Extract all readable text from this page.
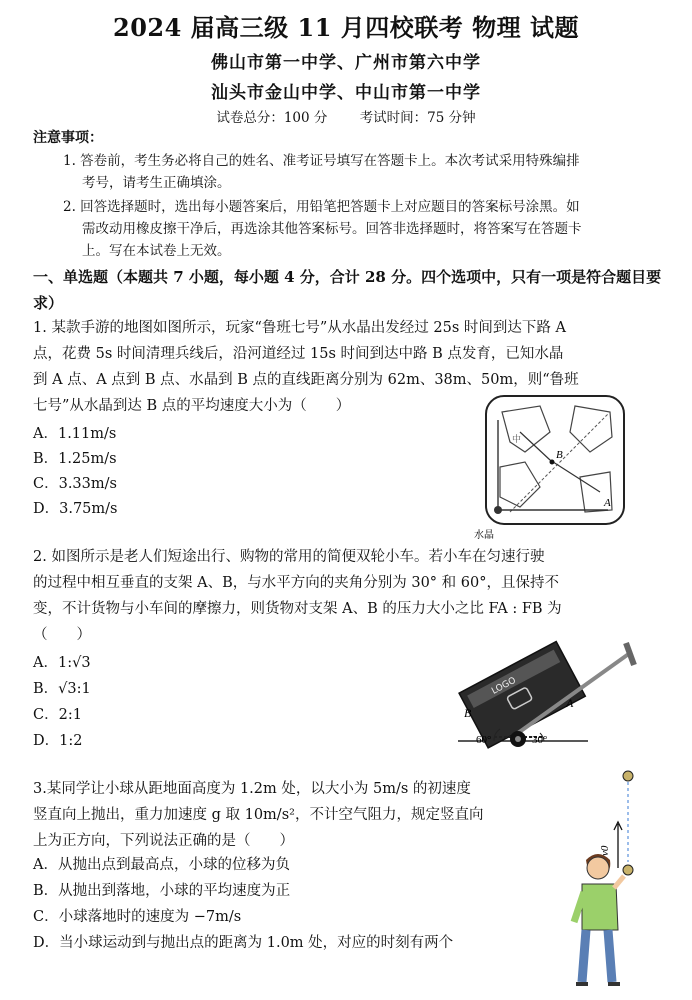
2024 届高三级 11 月四校联考 物理 试题
佛山市第一中学、广州市第六中学
汕头市金山中学、中山市第一中学
试卷总分：100 分 考试时间：75 分钟
注意事项：
1. 答卷前，考生务必将自己的姓名、准考证号填写在答题卡上。本次考试采用特殊编排
考号，请考生正确填涂。
2. 回答选择题时，选出每小题答案后，用铅笔把答题卡上对应题目的答案标号涂黑。如
需改动用橡皮擦干净后，再选涂其他答案标号。回答非选择题时，将答案写在答题卡
上。写在本试卷上无效。
一、单选题（本题共 7 小题，每小题 4 分，合计 28 分。四个选项中，只有一项是符合题目要求）
1. 某款手游的地图如图所示，玩家“鲁班七号”从水晶出发经过 25s 时间到达下路 A
点，花费 5s 时间清理兵线后，沿河道经过 15s 时间到达中路 B 点发育，已知水晶
到 A 点、A 点到 B 点、水晶到 B 点的直线距离分别为 62m、38m、50m，则“鲁班
七号”从水晶到达 B 点的平均速度大小为（　　）
A．1.11m/s
B．1.25m/s
C．3.33m/s
D．3.75m/s
B
A
中
水晶
2. 如图所示是老人们短途出行、购物的常用的简便双轮小车。若小车在匀速行驶
的过程中相互垂直的支架 A、B，与水平方向的夹角分别为 30° 和 60°，且保持不
变，不计货物与小车间的摩擦力，则货物对支架 A、B 的压力大小之比 FA : FB 为
（　　）
A．1:√3
B．√3:1
C．2:1
D．1:2
LOGO
B
A
60°	30°
3.某同学让小球从距地面高度为 1.2m 处，以大小为 5m/s 的初速度
竖直向上抛出，重力加速度 g 取 10m/s²，不计空气阻力，规定竖直向
上为正方向，下列说法正确的是（　　）
A．从抛出点到最高点，小球的位移为负
B．从抛出到落地，小球的平均速度为正
C．小球落地时的速度为 −7m/s
D．当小球运动到与抛出点的距离为 1.0m 处，对应的时刻有两个
v0
